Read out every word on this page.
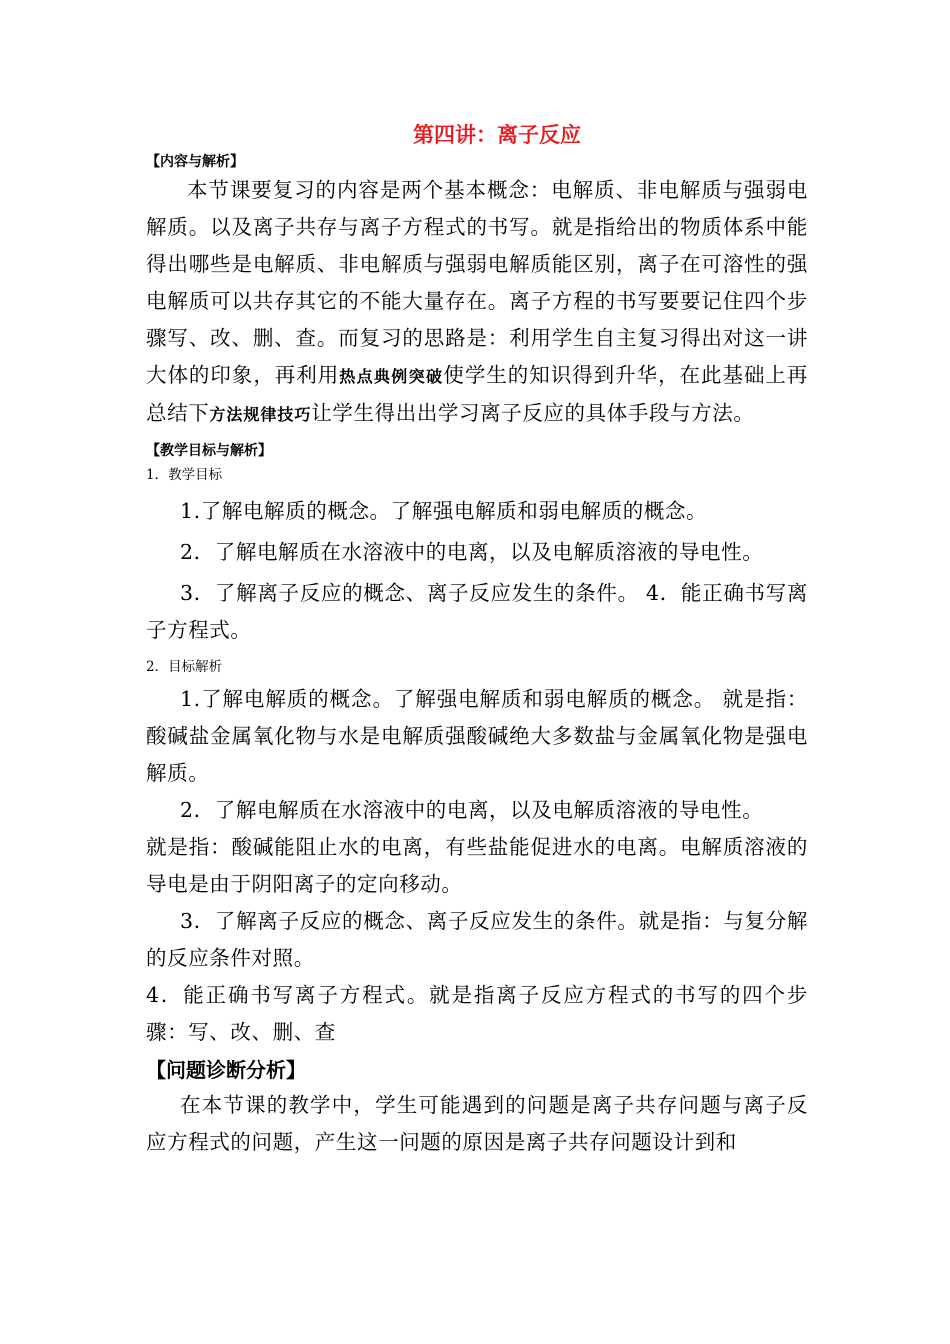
第四讲：离子反应

【内容与解析】

本节课要复习的内容是两个基本概念：电解质、非电解质与强弱电解质。以及离子共存与离子方程式的书写。就是指给出的物质体系中能得出哪些是电解质、非电解质与强弱电解质能区别，离子在可溶性的强电解质可以共存其它的不能大量存在。离子方程的书写要要记住四个步骤写、改、删、查。而复习的思路是：利用学生自主复习得出对这一讲大体的印象，再利用热点典例突破使学生的知识得到升华，在此基础上再总结下方法规律技巧让学生得出出学习离子反应的具体手段与方法。

【教学目标与解析】

1．教学目标

1.了解电解质的概念。了解强电解质和弱电解质的概念。

2．了解电解质在水溶液中的电离，以及电解质溶液的导电性。

3．了解离子反应的概念、离子反应发生的条件。 4．能正确书写离子方程式。

2．目标解析

1.了解电解质的概念。了解强电解质和弱电解质的概念。 就是指：酸碱盐金属氧化物与水是电解质强酸碱绝大多数盐与金属氧化物是强电解质。

2．了解电解质在水溶液中的电离，以及电解质溶液的导电性。

就是指：酸碱能阻止水的电离，有些盐能促进水的电离。电解质溶液的导电是由于阴阳离子的定向移动。

3．了解离子反应的概念、离子反应发生的条件。就是指：与复分解的反应条件对照。

4．能正确书写离子方程式。就是指离子反应方程式的书写的四个步骤：写、改、删、查

【问题诊断分析】

在本节课的教学中，学生可能遇到的问题是离子共存问题与离子反应方程式的问题，产生这一问题的原因是离子共存问题设计到和
